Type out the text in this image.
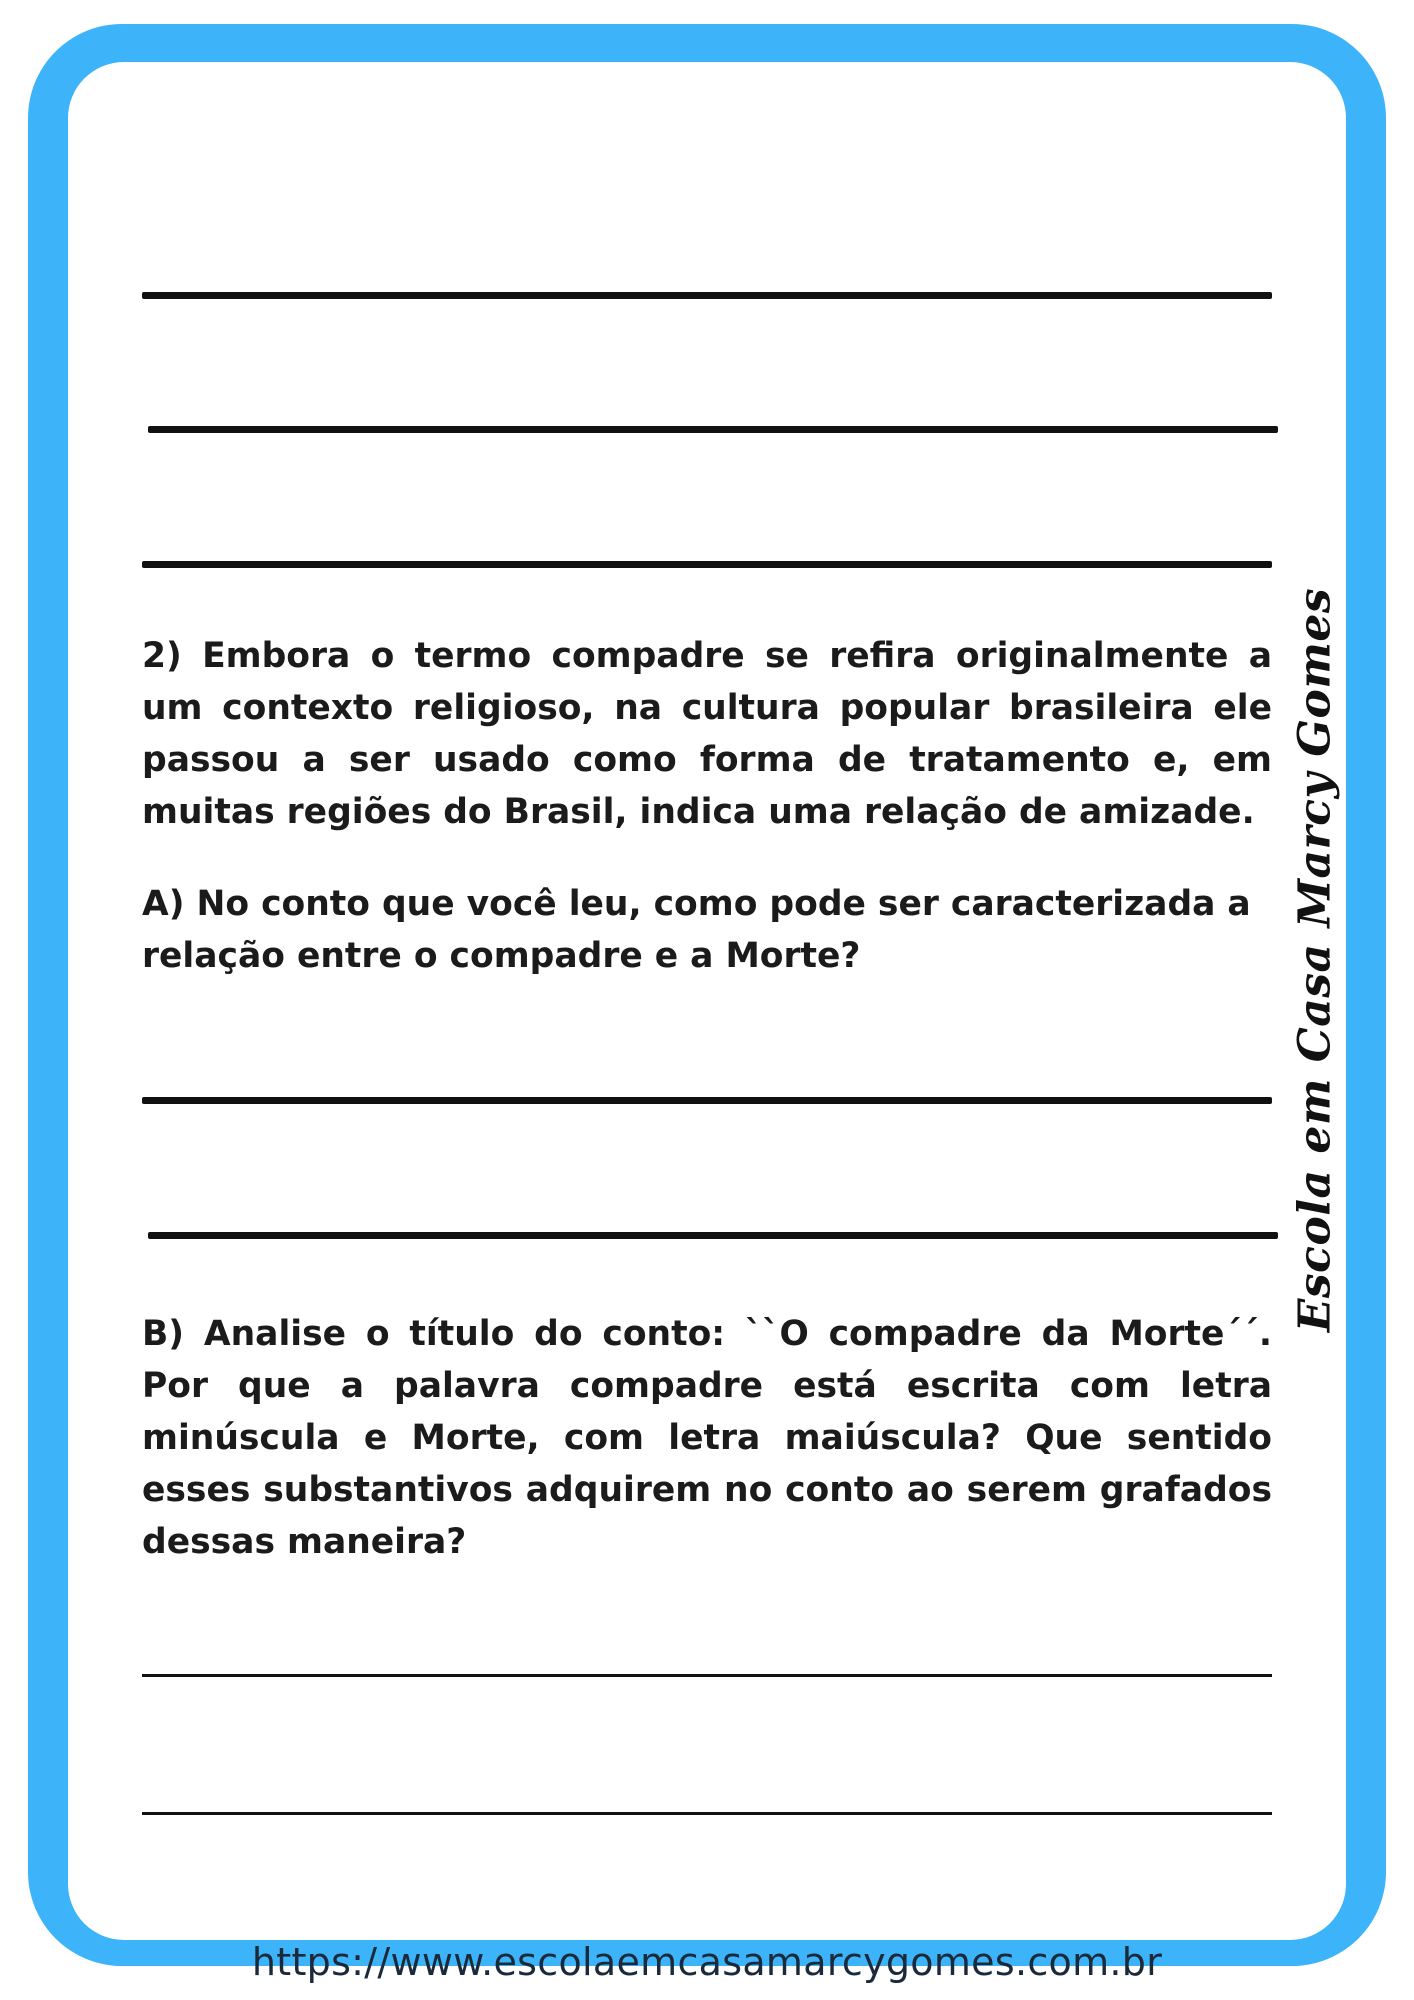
2) Embora o termo compadre se refira originalmente a um contexto religioso, na cultura popular brasileira ele passou a ser usado como forma de tratamento e, em muitas regiões do Brasil, indica uma relação de amizade.

A) No conto que você leu, como pode ser caracterizada a relação entre o compadre e a Morte?

B) Analise o título do conto: ``O compadre da Morte´´. Por que a palavra compadre está escrita com letra minúscula e Morte, com letra maiúscula? Que sentido esses substantivos adquirem no conto ao serem grafados dessas maneira?

Escola em Casa Marcy Gomes
https://www.escolaemcasamarcygomes.com.br
